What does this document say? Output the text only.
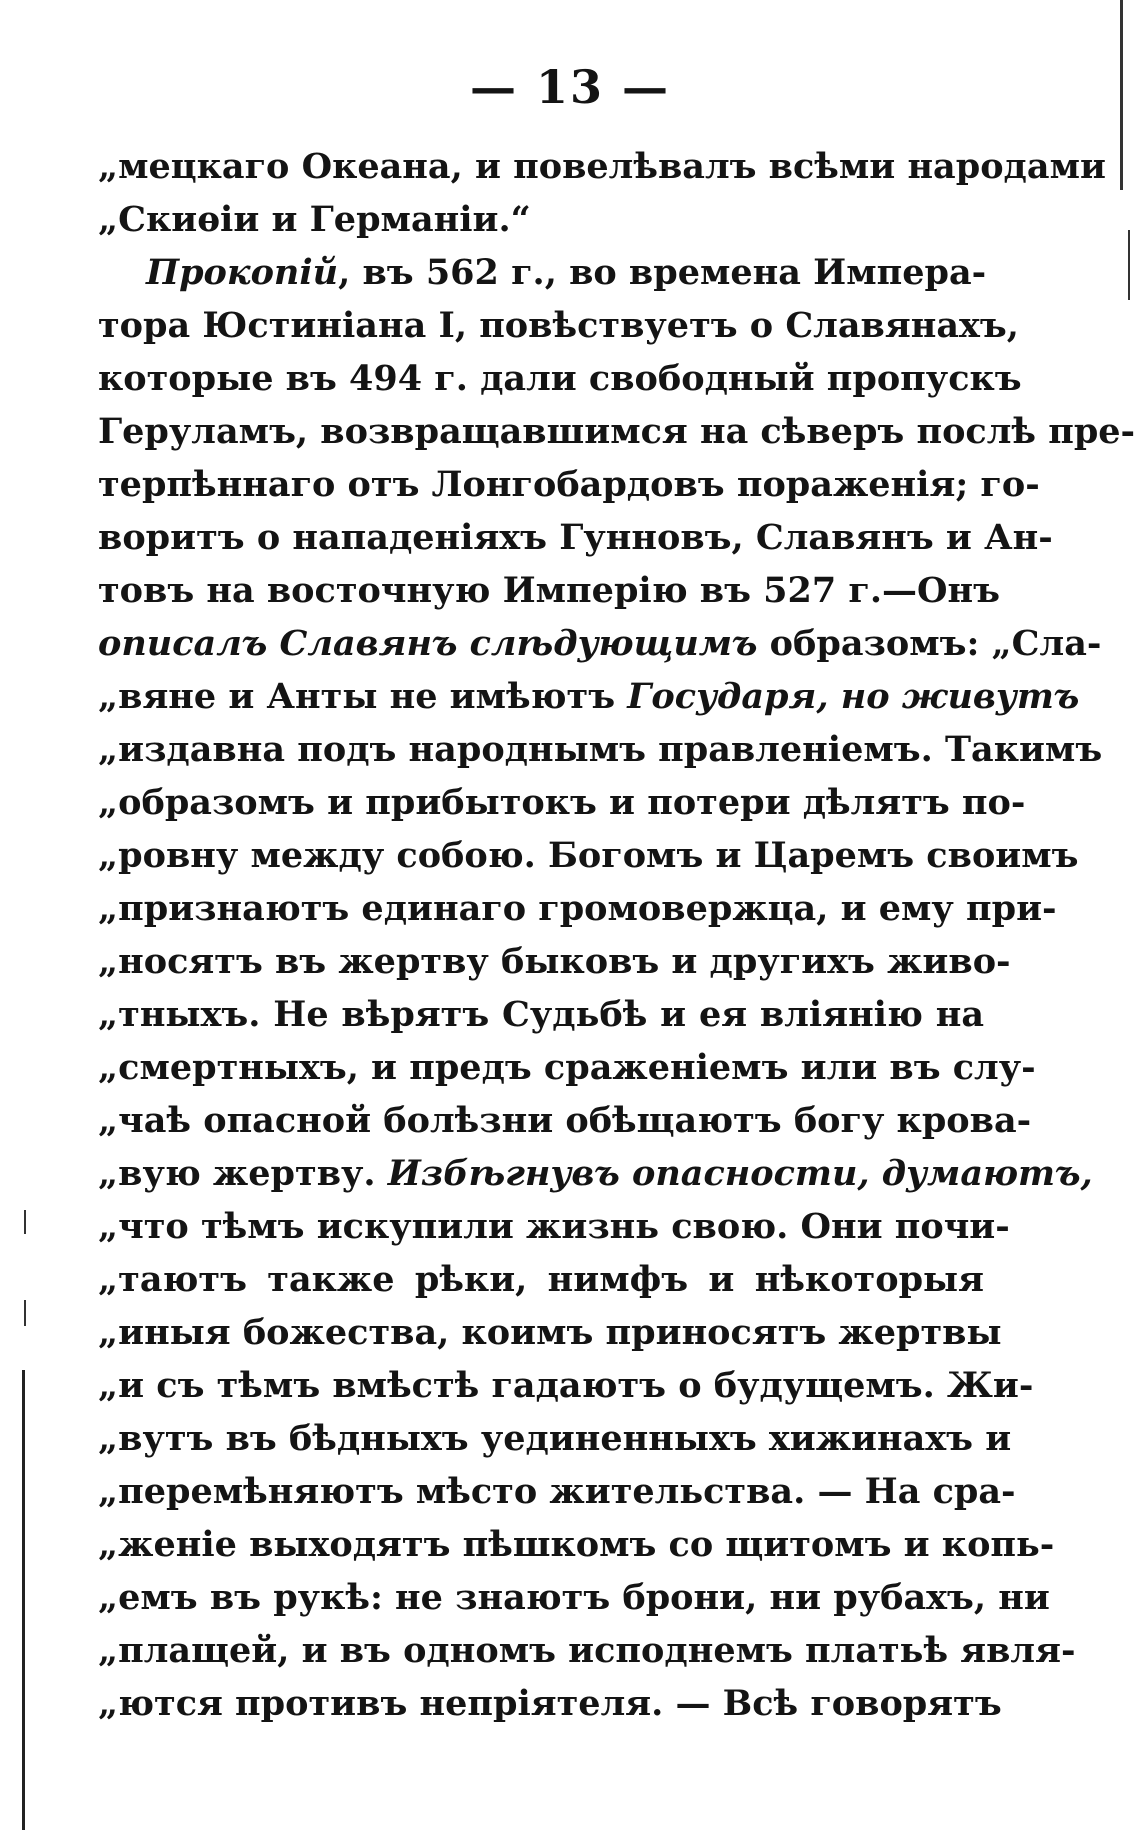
— 13 —
„мецкаго Океана, и повелѣвалъ всѣми народами
„Скиѳіи и Германіи.“
Прокопій, въ 562 г., во времена Импера-
тора Юстиніана I, повѣствуетъ о Славянахъ,
которые въ 494 г. дали свободный пропускъ
Геруламъ, возвращавшимся на сѣверъ послѣ пре-
терпѣннаго отъ Лонгобардовъ пораженія; го-
воритъ о нападеніяхъ Гунновъ, Славянъ и Ан-
товъ на восточную Имперію въ 527 г.—Онъ
описалъ Славянъ слѣдующимъ образомъ: „Сла-
„вяне и Анты не имѣютъ Государя, но живутъ
„издавна подъ народнымъ правленіемъ. Такимъ
„образомъ и прибытокъ и потери дѣлятъ по-
„ровну между собою. Богомъ и Царемъ своимъ
„признаютъ единаго громовержца, и ему при-
„носятъ въ жертву быковъ и другихъ живо-
„тныхъ. Не вѣрятъ Судьбѣ и ея вліянію на
„смертныхъ, и предъ сраженіемъ или въ слу-
„чаѣ опасной болѣзни обѣщаютъ богу крова-
„вую жертву. Избѣгнувъ опасности, думаютъ,
„что тѣмъ искупили жизнь свою. Они почи-
„таютъ также рѣки, нимфъ и нѣкоторыя
„иныя божества, коимъ приносятъ жертвы
„и съ тѣмъ вмѣстѣ гадаютъ о будущемъ. Жи-
„вутъ въ бѣдныхъ уединенныхъ хижинахъ и
„перемѣняютъ мѣсто жительства. — На сра-
„женіе выходятъ пѣшкомъ со щитомъ и копь-
„емъ въ рукѣ: не знаютъ брони, ни рубахъ, ни
„плащей, и въ одномъ исподнемъ платьѣ явля-
„ются противъ непріятеля. — Всѣ говорятъ
